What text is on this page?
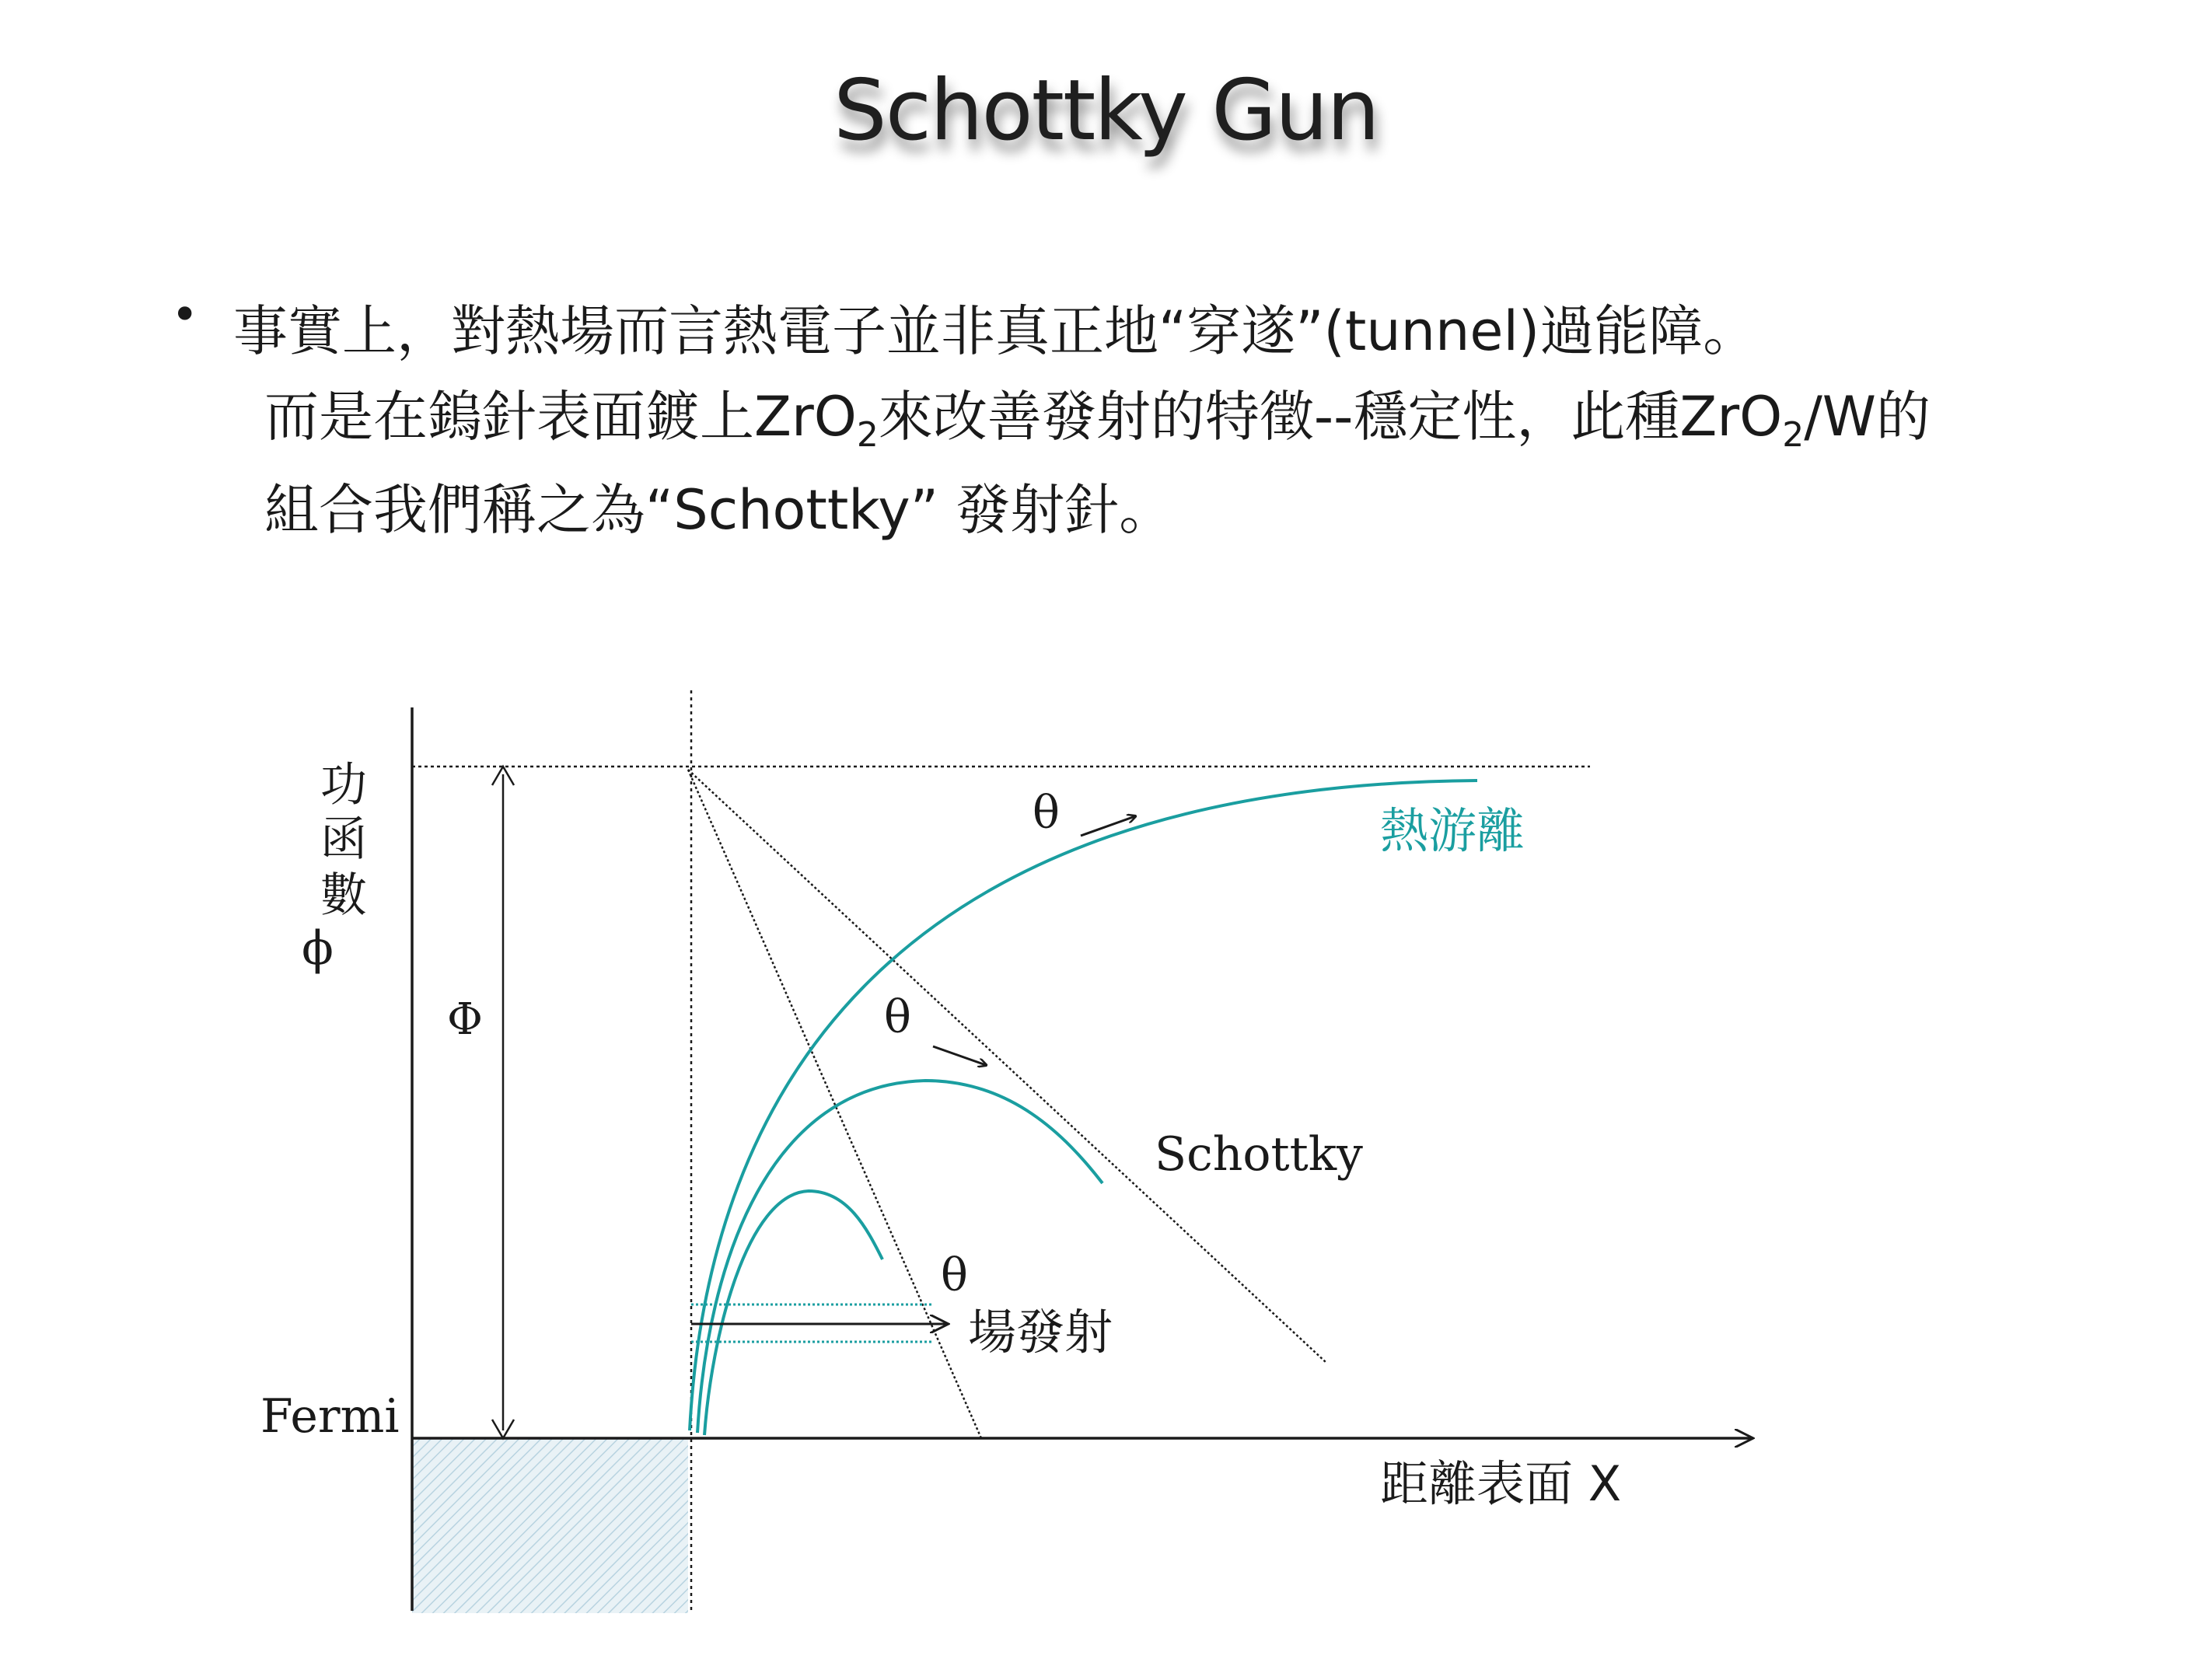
Schottky Gun
• 事實上，對熱場而言熱電子並非真正地“穿遂”(tunnel)過能障。
而是在鎢針表面鍍上ZrO$_2$來改善發射的特徵--穩定性，此種ZrO$_2$/W的
組合我們稱之為“Schottky” 發射針。
功
函
數
ϕ
Φ
Fermi
距離表面 X
θ
θ
θ
熱游離
Schottky
場發射
